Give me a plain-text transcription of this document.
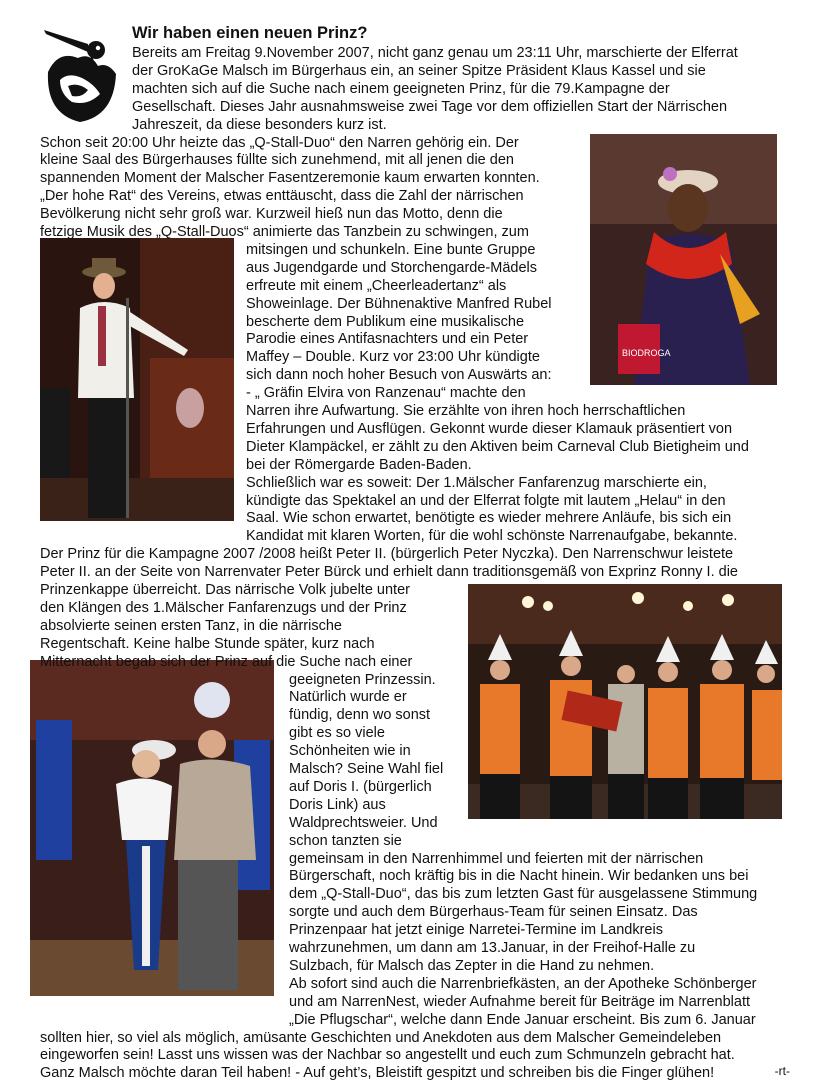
Wir haben einen neuen Prinz?
BIODROGA
Bereits am Freitag 9.November 2007, nicht ganz genau um 23:11 Uhr, marschierte der Elferrat
der GroKaGe Malsch im Bürgerhaus ein, an seiner Spitze Präsident Klaus Kassel und sie
machten sich auf die Suche nach einem geeigneten Prinz, für die 79.Kampagne der
Gesellschaft. Dieses Jahr ausnahmsweise zwei Tage vor dem offiziellen Start der Närrischen
Jahreszeit, da diese besonders kurz ist.
Schon seit 20:00 Uhr heizte das „Q-Stall-Duo“ den Narren gehörig ein. Der
kleine Saal des Bürgerhauses füllte sich zunehmend, mit all jenen die den
spannenden Moment der Malscher Fasentzeremonie kaum erwarten konnten.
„Der hohe Rat“ des Vereins, etwas enttäuscht, dass die Zahl der närrischen
Bevölkerung nicht sehr groß war. Kurzweil hieß nun das Motto, denn die
fetzige Musik des „Q-Stall-Duos“ animierte das Tanzbein zu schwingen, zum
mitsingen und schunkeln. Eine bunte Gruppe
aus Jugendgarde und Storchengarde-Mädels
erfreute mit einem „Cheerleadertanz“ als
Showeinlage. Der Bühnenaktive Manfred Rubel
bescherte dem Publikum eine musikalische
Parodie eines Antifasnachters und ein Peter
Maffey – Double. Kurz vor 23:00 Uhr kündigte
sich dann noch hoher Besuch von Auswärts an:
- „ Gräfin Elvira von Ranzenau“ machte den
Narren ihre Aufwartung. Sie erzählte von ihren hoch herrschaftlichen
Erfahrungen und Ausflügen. Gekonnt wurde dieser Klamauk präsentiert von
Dieter Klampäckel, er zählt zu den Aktiven beim Carneval Club Bietigheim und
bei der Römergarde Baden-Baden.
Schließlich war es soweit: Der 1.Mälscher Fanfarenzug marschierte ein,
kündigte das Spektakel an und der Elferrat folgte mit lautem „Helau“ in den
Saal. Wie schon erwartet, benötigte es wieder mehrere Anläufe, bis sich ein
Kandidat mit klaren Worten, für die wohl schönste Narrenaufgabe, bekannte.
Der Prinz für die Kampagne 2007 /2008 heißt Peter II. (bürgerlich Peter Nyczka). Den Narrenschwur leistete
Peter II. an der Seite von Narrenvater Peter Bürck und erhielt dann traditionsgemäß von Exprinz Ronny I. die
Prinzenkappe überreicht. Das närrische Volk jubelte unter
den Klängen des 1.Mälscher Fanfarenzugs und der Prinz
absolvierte seinen ersten Tanz, in die närrische
Regentschaft. Keine halbe Stunde später, kurz nach
Mitternacht begab sich der Prinz auf die Suche nach einer
geeigneten Prinzessin.
Natürlich wurde er
fündig, denn wo sonst
gibt es so viele
Schönheiten wie in
Malsch? Seine Wahl fiel
auf Doris I. (bürgerlich
Doris Link) aus
Waldprechtsweier. Und
schon tanzten sie
gemeinsam in den Narrenhimmel und feierten mit der närrischen
Bürgerschaft, noch kräftig bis in die Nacht hinein. Wir bedanken uns bei
dem „Q-Stall-Duo“, das bis zum letzten Gast für ausgelassene Stimmung
sorgte und auch dem Bürgerhaus-Team für seinen Einsatz. Das
Prinzenpaar hat jetzt einige Narretei-Termine im Landkreis
wahrzunehmen, um dann am 13.Januar, in der Freihof-Halle zu
Sulzbach, für Malsch das Zepter in die Hand zu nehmen.
Ab sofort sind auch die Narrenbriefkästen, an der Apotheke Schönberger
und am NarrenNest, wieder Aufnahme bereit für Beiträge im Narrenblatt
„Die Pflugschar“, welche dann Ende Januar erscheint. Bis zum 6. Januar
sollten hier, so viel als möglich, amüsante Geschichten und Anekdoten aus dem Malscher Gemeindeleben
eingeworfen sein! Lasst uns wissen was der Nachbar so angestellt und euch zum Schmunzeln gebracht hat.
Ganz Malsch möchte daran Teil haben! - Auf geht’s, Bleistift gespitzt und schreiben bis die Finger glühen!	-rt-
